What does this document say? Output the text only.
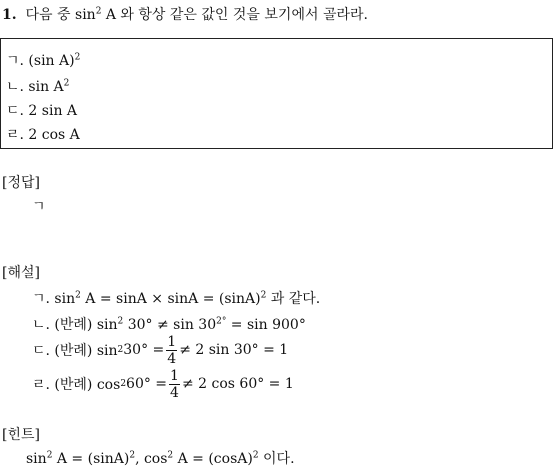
1. 다음 중 $\sin^2 A$ 와 항상 같은 값인 것을 보기에서 골라라.
ㄱ. (sin A)$^2$
ㄴ. $\sin A^2$
ㄷ. 2 sin A
ㄹ. 2 cos A
[정답]
ㄱ
[해설]
ㄱ. $\sin^2 A = \sin A \times \sin A = (\sin A)^2$ 과 같다.
ㄴ. (반례) $\sin^2 30^\circ \ne \sin 30^{2^\circ} = \sin 900^\circ$
ㄷ. (반례) sin 2 $30^\circ = \frac{1}{4} \ne 2$ sin 30° = 1
ㄹ. (반례) cos 2 $60^\circ = \frac{1}{4} \ne 2$ cos 60° = 1
[힌트]
$\sin^2 A = (\sin A)^2$, $\cos^2 A = (\cos A)^2$ 이다.
